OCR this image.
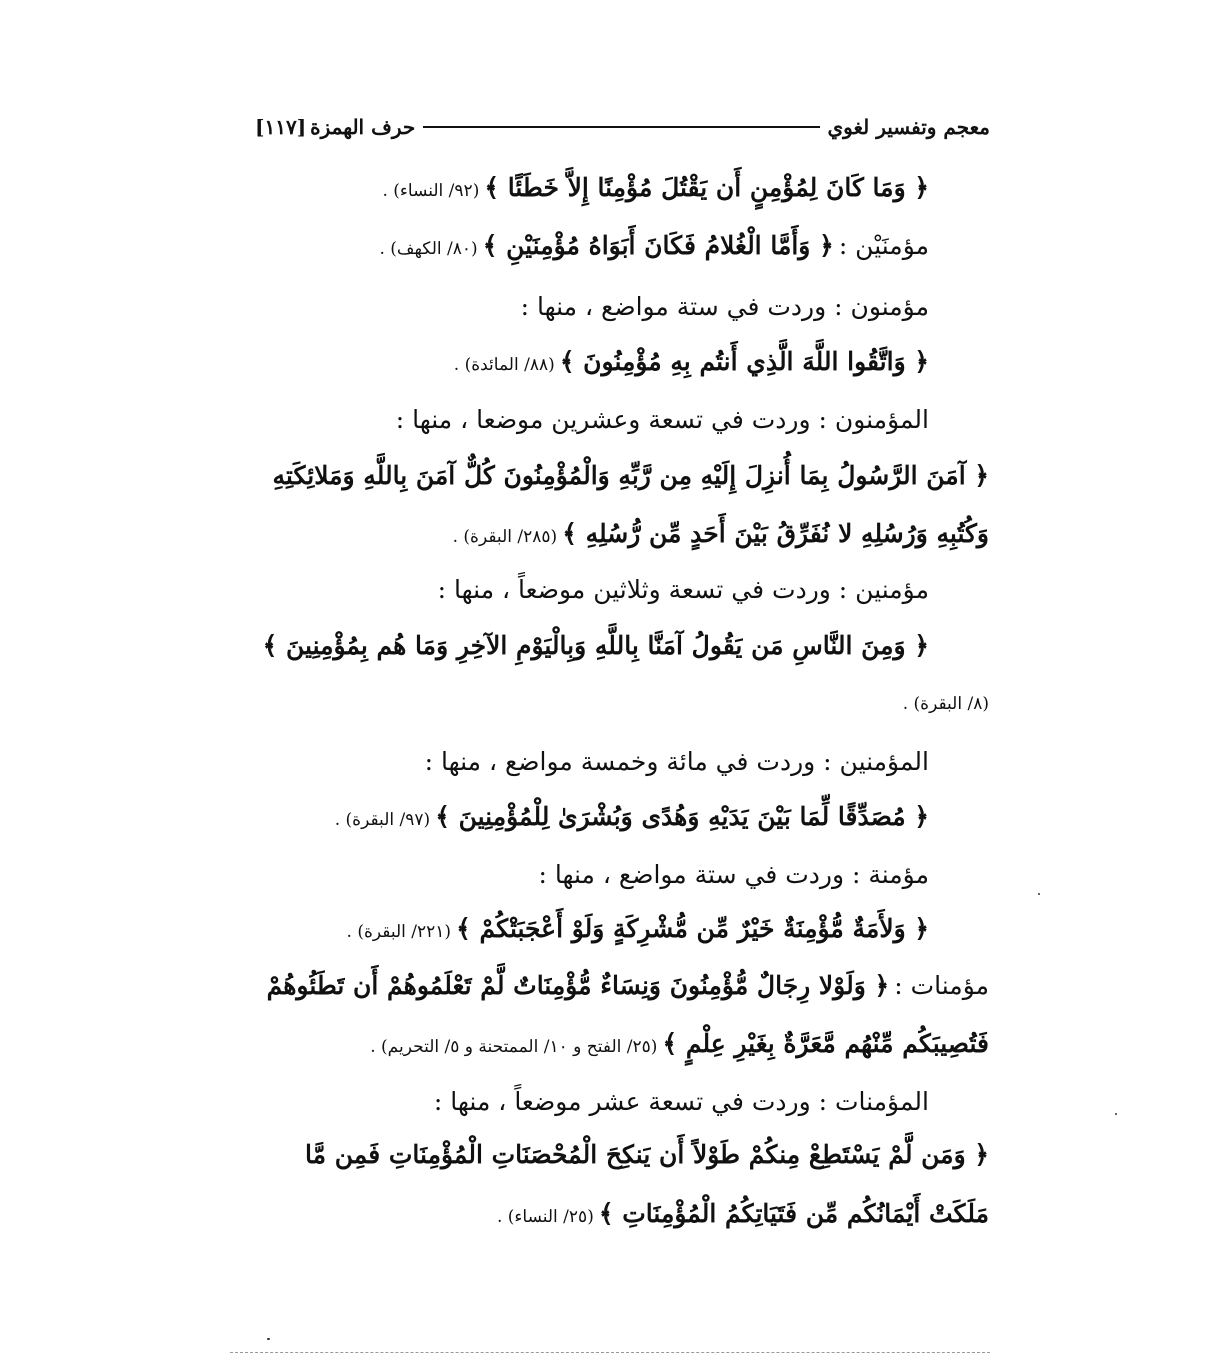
معجم وتفسير لغوي
حرف الهمزة
[١١٧]
﴿ وَمَا كَانَ لِمُؤْمِنٍ أَن يَقْتُلَ مُؤْمِنًا إِلاَّ خَطَئًا ﴾ (٩٢/ النساء) .
مؤمنَيْن : ﴿ وَأَمَّا الْغُلامُ فَكَانَ أَبَوَاهُ مُؤْمِنَيْنِ ﴾ (٨٠/ الكهف) .
مؤمنون : وردت في ستة مواضع ، منها :
﴿ وَاتَّقُوا اللَّهَ الَّذِي أَنتُم بِهِ مُؤْمِنُونَ ﴾ (٨٨/ المائدة) .
المؤمنون : وردت في تسعة وعشرين موضعا ، منها :
﴿ آمَنَ الرَّسُولُ بِمَا أُنزِلَ إِلَيْهِ مِن رَّبِّهِ وَالْمُؤْمِنُونَ كُلٌّ آمَنَ بِاللَّهِ وَمَلائِكَتِهِ
وَكُتُبِهِ وَرُسُلِهِ لا نُفَرِّقُ بَيْنَ أَحَدٍ مِّن رُّسُلِهِ ﴾ (٢٨٥/ البقرة) .
مؤمنين : وردت في تسعة وثلاثين موضعاً ، منها :
﴿ وَمِنَ النَّاسِ مَن يَقُولُ آمَنَّا بِاللَّهِ وَبِالْيَوْمِ الآخِرِ وَمَا هُم بِمُؤْمِنِينَ ﴾
(٨/ البقرة) .
المؤمنين : وردت في مائة وخمسة مواضع ، منها :
﴿ مُصَدِّقًا لِّمَا بَيْنَ يَدَيْهِ وَهُدًى وَبُشْرَىٰ لِلْمُؤْمِنِينَ ﴾ (٩٧/ البقرة) .
مؤمنة : وردت في ستة مواضع ، منها :
﴿ وَلأَمَةٌ مُّؤْمِنَةٌ خَيْرٌ مِّن مُّشْرِكَةٍ وَلَوْ أَعْجَبَتْكُمْ ﴾ (٢٢١/ البقرة) .
مؤمنات : ﴿ وَلَوْلا رِجَالٌ مُّؤْمِنُونَ وَنِسَاءٌ مُّؤْمِنَاتٌ لَّمْ تَعْلَمُوهُمْ أَن تَطَئُوهُمْ
فَتُصِيبَكُم مِّنْهُم مَّعَرَّةٌ بِغَيْرِ عِلْمٍ ﴾ (٢٥/ الفتح و ١٠/ الممتحنة و ٥/ التحريم) .
المؤمنات : وردت في تسعة عشر موضعاً ، منها :
﴿ وَمَن لَّمْ يَسْتَطِعْ مِنكُمْ طَوْلاً أَن يَنكِحَ الْمُحْصَنَاتِ الْمُؤْمِنَاتِ فَمِن مَّا
مَلَكَتْ أَيْمَانُكُم مِّن فَتَيَاتِكُمُ الْمُؤْمِنَاتِ ﴾ (٢٥/ النساء) .
